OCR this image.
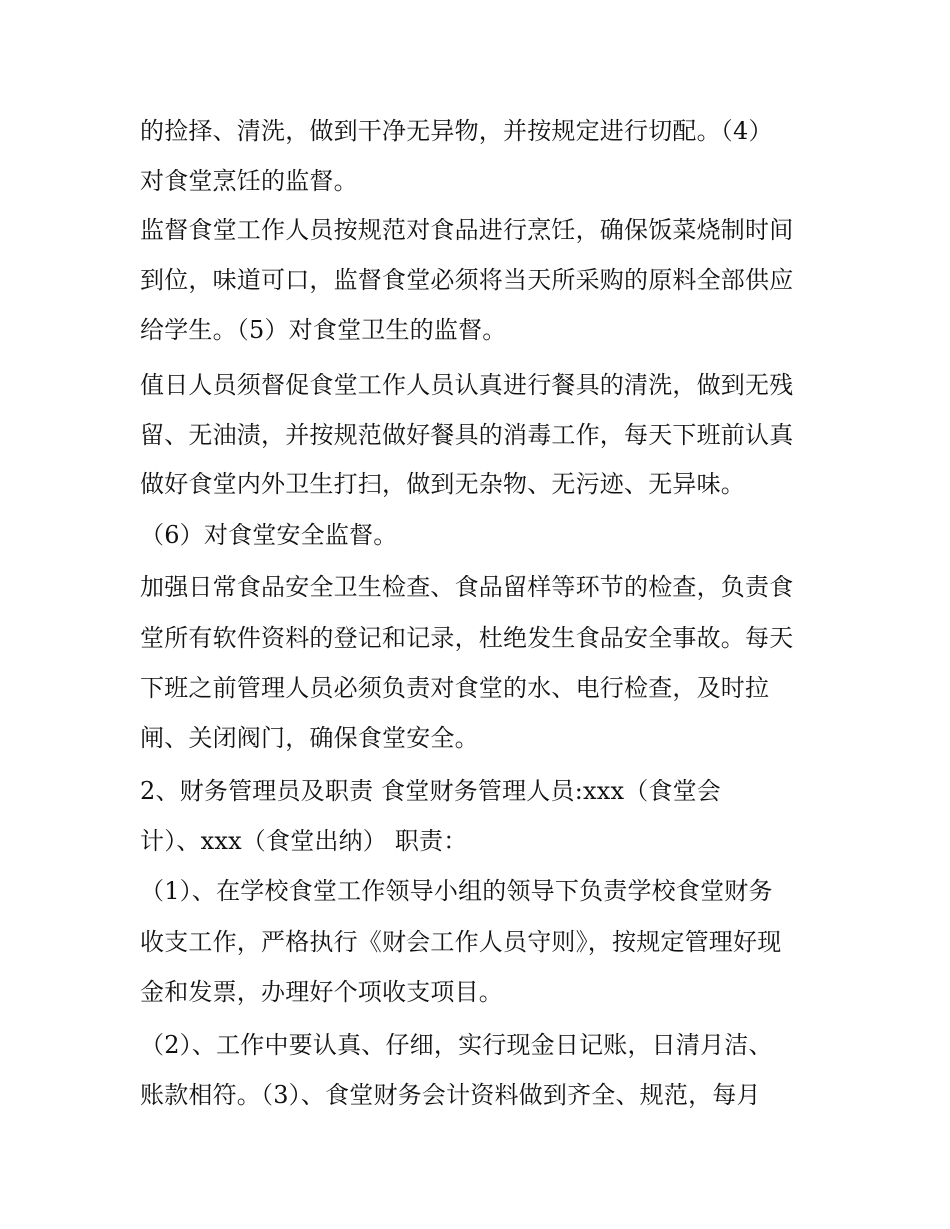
的捡择、清洗，做到干净无异物，并按规定进行切配。（4）
对食堂烹饪的监督。
监督食堂工作人员按规范对食品进行烹饪，确保饭菜烧制时间
到位，味道可口，监督食堂必须将当天所采购的原料全部供应
给学生。（5）对食堂卫生的监督。
值日人员须督促食堂工作人员认真进行餐具的清洗，做到无残
留、无油渍，并按规范做好餐具的消毒工作，每天下班前认真
做好食堂内外卫生打扫，做到无杂物、无污迹、无异味。
（6）对食堂安全监督。
加强日常食品安全卫生检查、食品留样等环节的检查，负责食
堂所有软件资料的登记和记录，杜绝发生食品安全事故。每天
下班之前管理人员必须负责对食堂的水、电行检查，及时拉
闸、关闭阀门，确保食堂安全。
2、财务管理员及职责 食堂财务管理人员:xxx（食堂会
计）、xxx（食堂出纳） 职责：
（1）、在学校食堂工作领导小组的领导下负责学校食堂财务
收支工作，严格执行《财会工作人员守则》，按规定管理好现
金和发票，办理好个项收支项目。
（2）、工作中要认真、仔细，实行现金日记账，日清月洁、
账款相符。（3）、食堂财务会计资料做到齐全、规范，每月
